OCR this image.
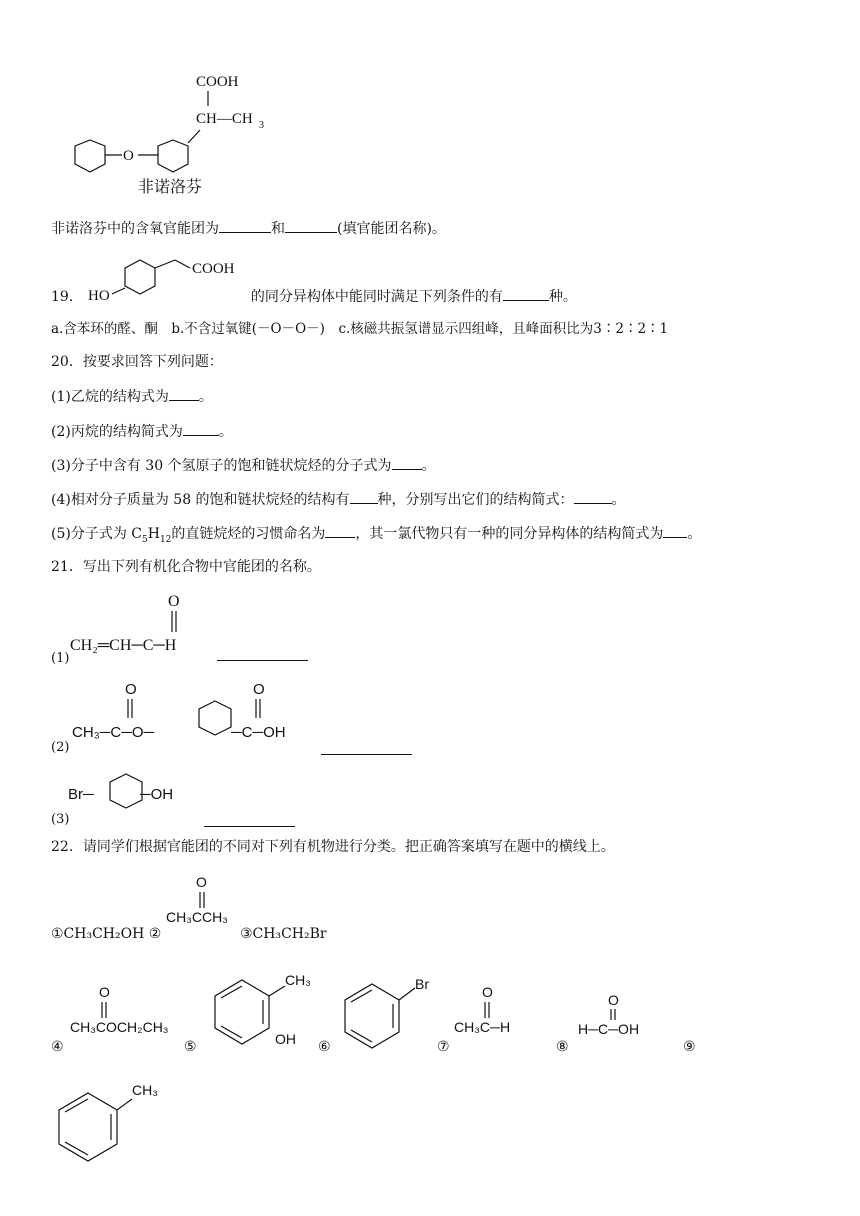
COOH
CH—CH 3
O
非诺洛芬
非诺洛芬中的含氧官能团为	和	(填官能团名称)。
HO
COOH
19．	的同分异构体中能同时满足下列条件的有	种。
a.含苯环的醛、酮　b.不含过氧键(－O－O－)　c.核磁共振氢谱显示四组峰，且峰面积比为3∶2∶2∶1
20．按要求回答下列问题：
(1)乙烷的结构式为 。
(2)丙烷的结构简式为	。
(3)分子中含有 30 个氢原子的饱和链状烷烃的分子式为 。
(4)相对分子质量为 58 的饱和链状烷烃的结构有 种，分别写出它们的结构简式：	。
(5)分子式为 $C_5H_{12}$的直链烷烃的习惯命名为 ，其一氯代物只有一种的同分异构体的结构简式为 。
21．写出下列有机化合物中官能团的名称。
(1)
O
CH₂═CH─C─H
(2)
O
CH₃─C─O─
O
─C─OH
(3)
Br─	─OH
22．请同学们根据官能团的不同对下列有机物进行分类。把正确答案填写在题中的横线上。
①CH₃CH₂OH ②
O
CH₃CCH₃
③CH₃CH₂Br
④
O
CH₃COCH₂CH₃
⑤
CH₃
OH ⑥
Br
⑦
O
CH₃C─H
⑧
O
H─C─OH
⑨
CH₃
